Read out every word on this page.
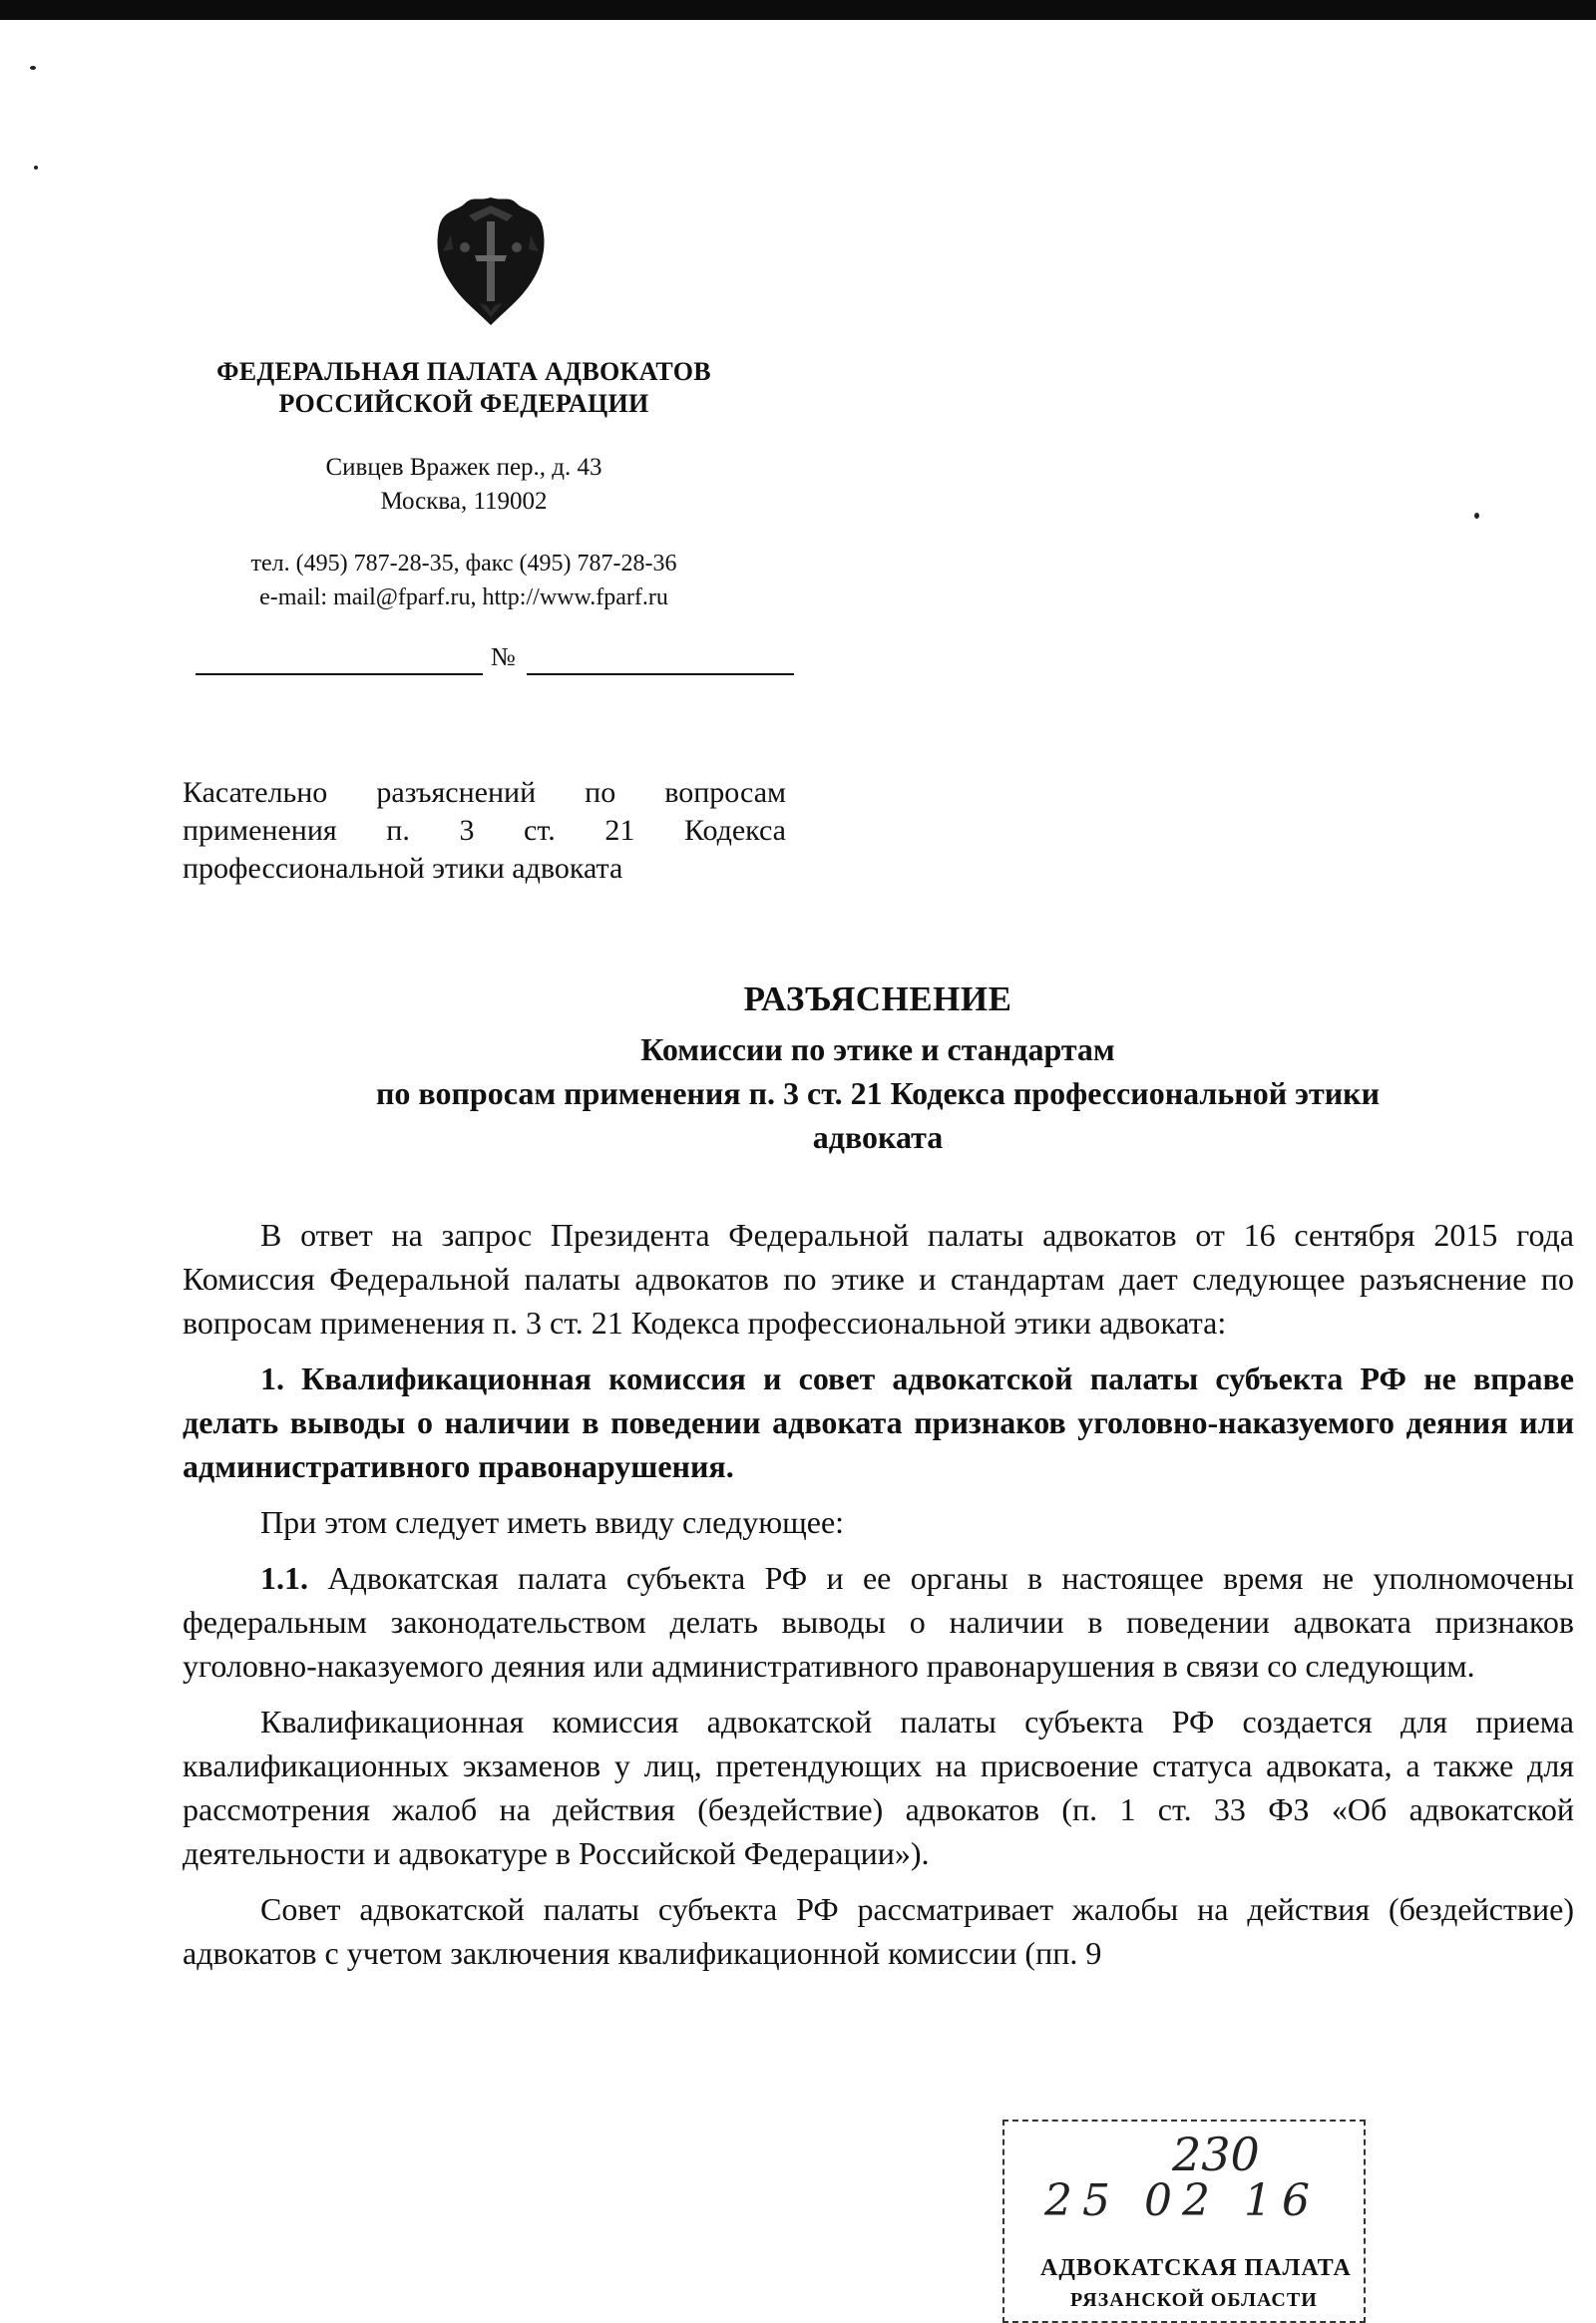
ФЕДЕРАЛЬНАЯ ПАЛАТА АДВОКАТОВ
РОССИЙСКОЙ ФЕДЕРАЦИИ
Сивцев Вражек пер., д. 43
Москва, 119002
тел. (495) 787-28-35, факс (495) 787-28-36
e-mail: mail@fparf.ru, http://www.fparf.ru
№
Касательно разъяснений по вопросам применения п. 3 ст. 21 Кодекса профессиональной этики адвоката
РАЗЪЯСНЕНИЕ
Комиссии по этике и стандартам
по вопросам применения п. 3 ст. 21 Кодекса профессиональной этики
адвоката

В ответ на запрос Президента Федеральной палаты адвокатов от 16 сентября 2015 года Комиссия Федеральной палаты адвокатов по этике и стандартам дает следующее разъяснение по вопросам применения п. 3 ст. 21 Кодекса профессиональной этики адвоката:

1. Квалификационная комиссия и совет адвокатской палаты субъекта РФ не вправе делать выводы о наличии в поведении адвоката признаков уголовно-наказуемого деяния или административного правонарушения.

При этом следует иметь ввиду следующее:

1.1. Адвокатская палата субъекта РФ и ее органы в настоящее время не уполномочены федеральным законодательством делать выводы о наличии в поведении адвоката признаков уголовно-наказуемого деяния или административного правонарушения в связи со следующим.

Квалификационная комиссия адвокатской палаты субъекта РФ создается для приема квалификационных экзаменов у лиц, претендующих на присвоение статуса адвоката, а также для рассмотрения жалоб на действия (бездействие) адвокатов (п. 1 ст. 33 ФЗ «Об адвокатской деятельности и адвокатуре в Российской Федерации»).

Совет адвокатской палаты субъекта РФ рассматривает жалобы на действия (бездействие) адвокатов с учетом заключения квалификационной комиссии (пп. 9

230
25 02 16
АДВОКАТСКАЯ ПАЛАТА
РЯЗАНСКОЙ ОБЛАСТИ
